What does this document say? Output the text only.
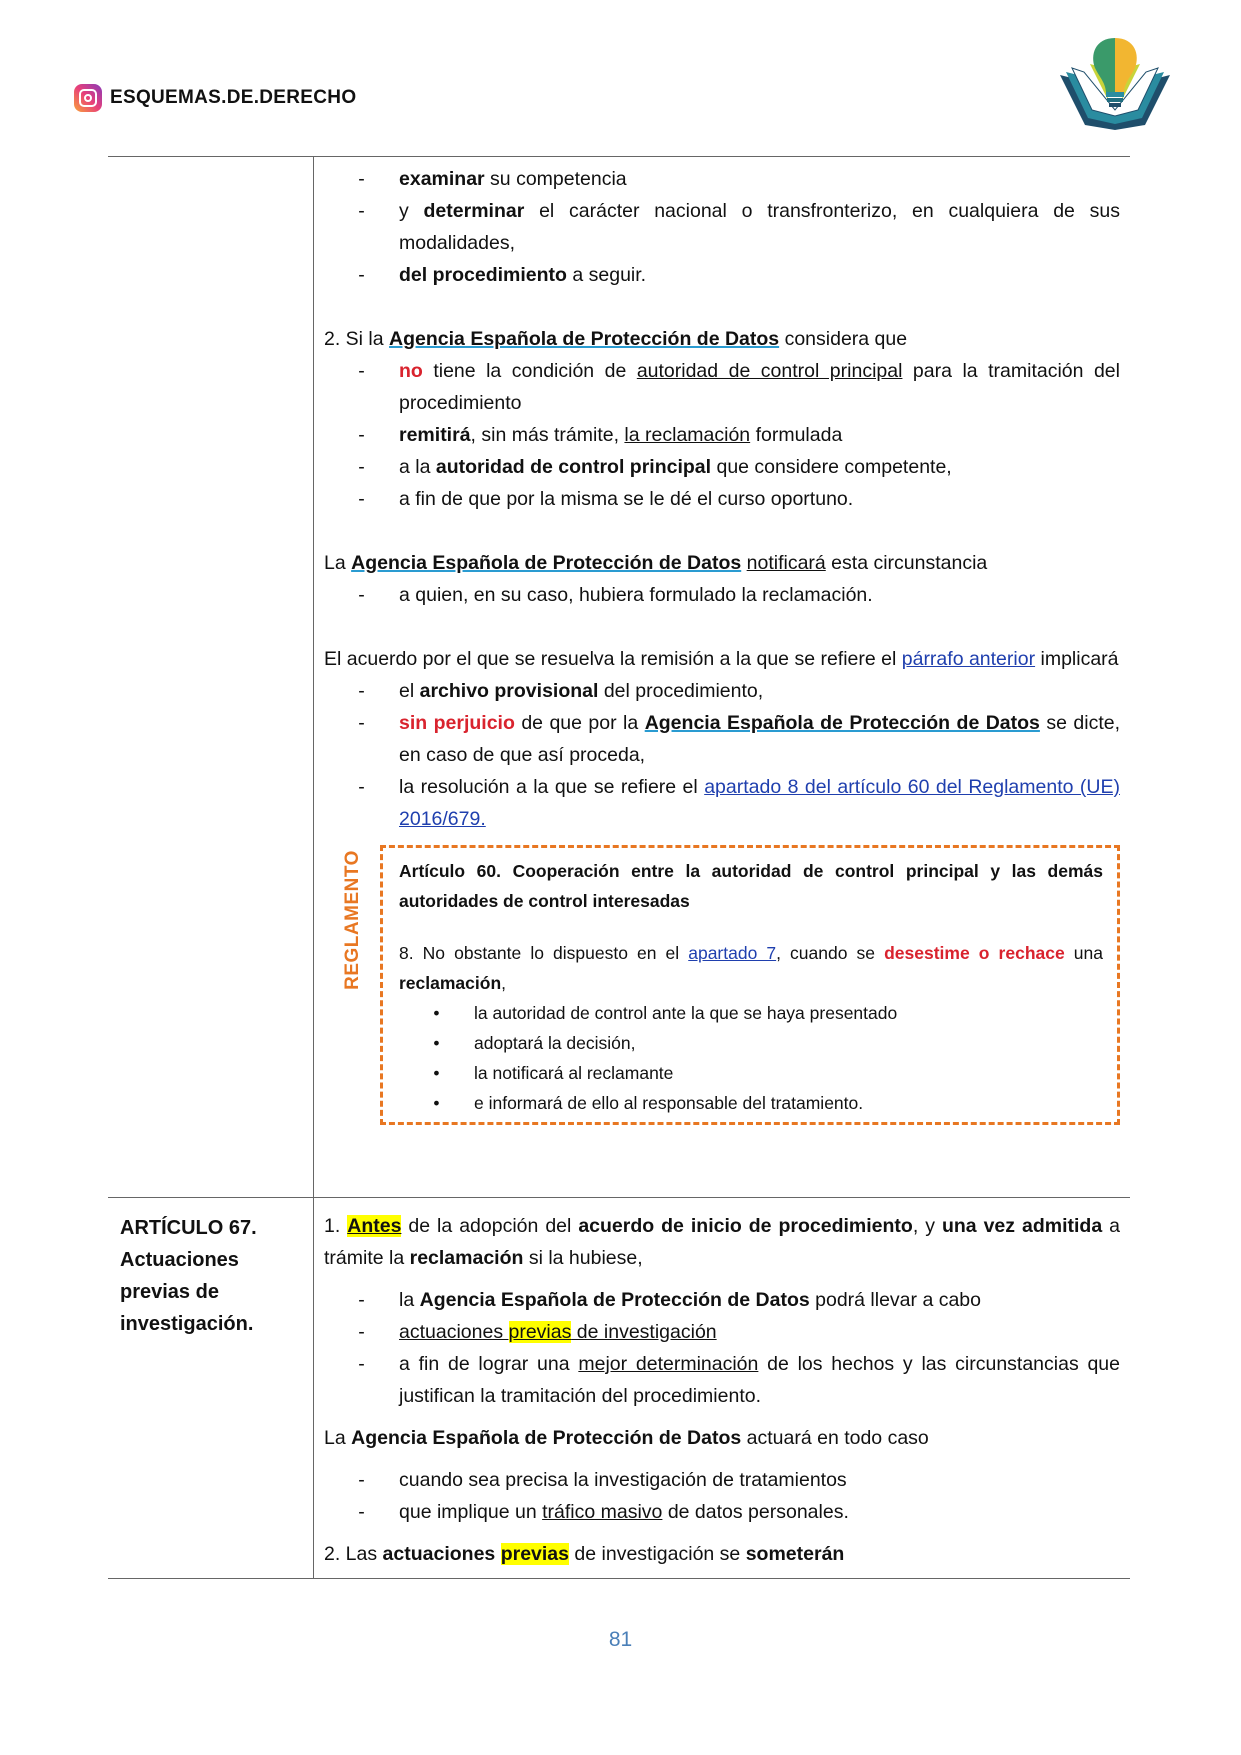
ESQUEMAS.DE.DERECHO
-	examinar su competencia
-	y determinar el carácter nacional o transfronterizo, en cualquiera de sus modalidades,
-	del procedimiento a seguir.

2. Si la Agencia Española de Protección de Datos considera que

-	no tiene la condición de autoridad de control principal para la tramitación del procedimiento
-	remitirá, sin más trámite, la reclamación formulada
-	a la autoridad de control principal que considere competente,
-	a fin de que por la misma se le dé el curso oportuno.

La Agencia Española de Protección de Datos notificará esta circunstancia

-	a quien, en su caso, hubiera formulado la reclamación.

El acuerdo por el que se resuelva la remisión a la que se refiere el párrafo anterior implicará

-	el archivo provisional del procedimiento,
-	sin perjuicio de que por la Agencia Española de Protección de Datos se dicte, en caso de que así proceda,
-	la resolución a la que se refiere el apartado 8 del artículo 60 del Reglamento (UE) 2016/679.
REGLAMENTO	Artículo 60. Cooperación entre la autoridad de control principal y las demás autoridades de control interesadas

8. No obstante lo dispuesto en el apartado 7, cuando se desestime o rechace una reclamación,

•	la autoridad de control ante la que se haya presentado
•	adoptará la decisión,
•	la notificará al reclamante
•	e informará de ello al responsable del tratamiento.
ARTÍCULO 67.
Actuaciones
previas de
investigación.

1. Antes de la adopción del acuerdo de inicio de procedimiento, y una vez admitida a trámite la reclamación si la hubiese,

-	la Agencia Española de Protección de Datos podrá llevar a cabo
-	actuaciones previas de investigación
-	a fin de lograr una mejor determinación de los hechos y las circunstancias que justifican la tramitación del procedimiento.

La Agencia Española de Protección de Datos actuará en todo caso

-	cuando sea precisa la investigación de tratamientos
-	que implique un tráfico masivo de datos personales.

2. Las actuaciones previas de investigación se someterán

81
